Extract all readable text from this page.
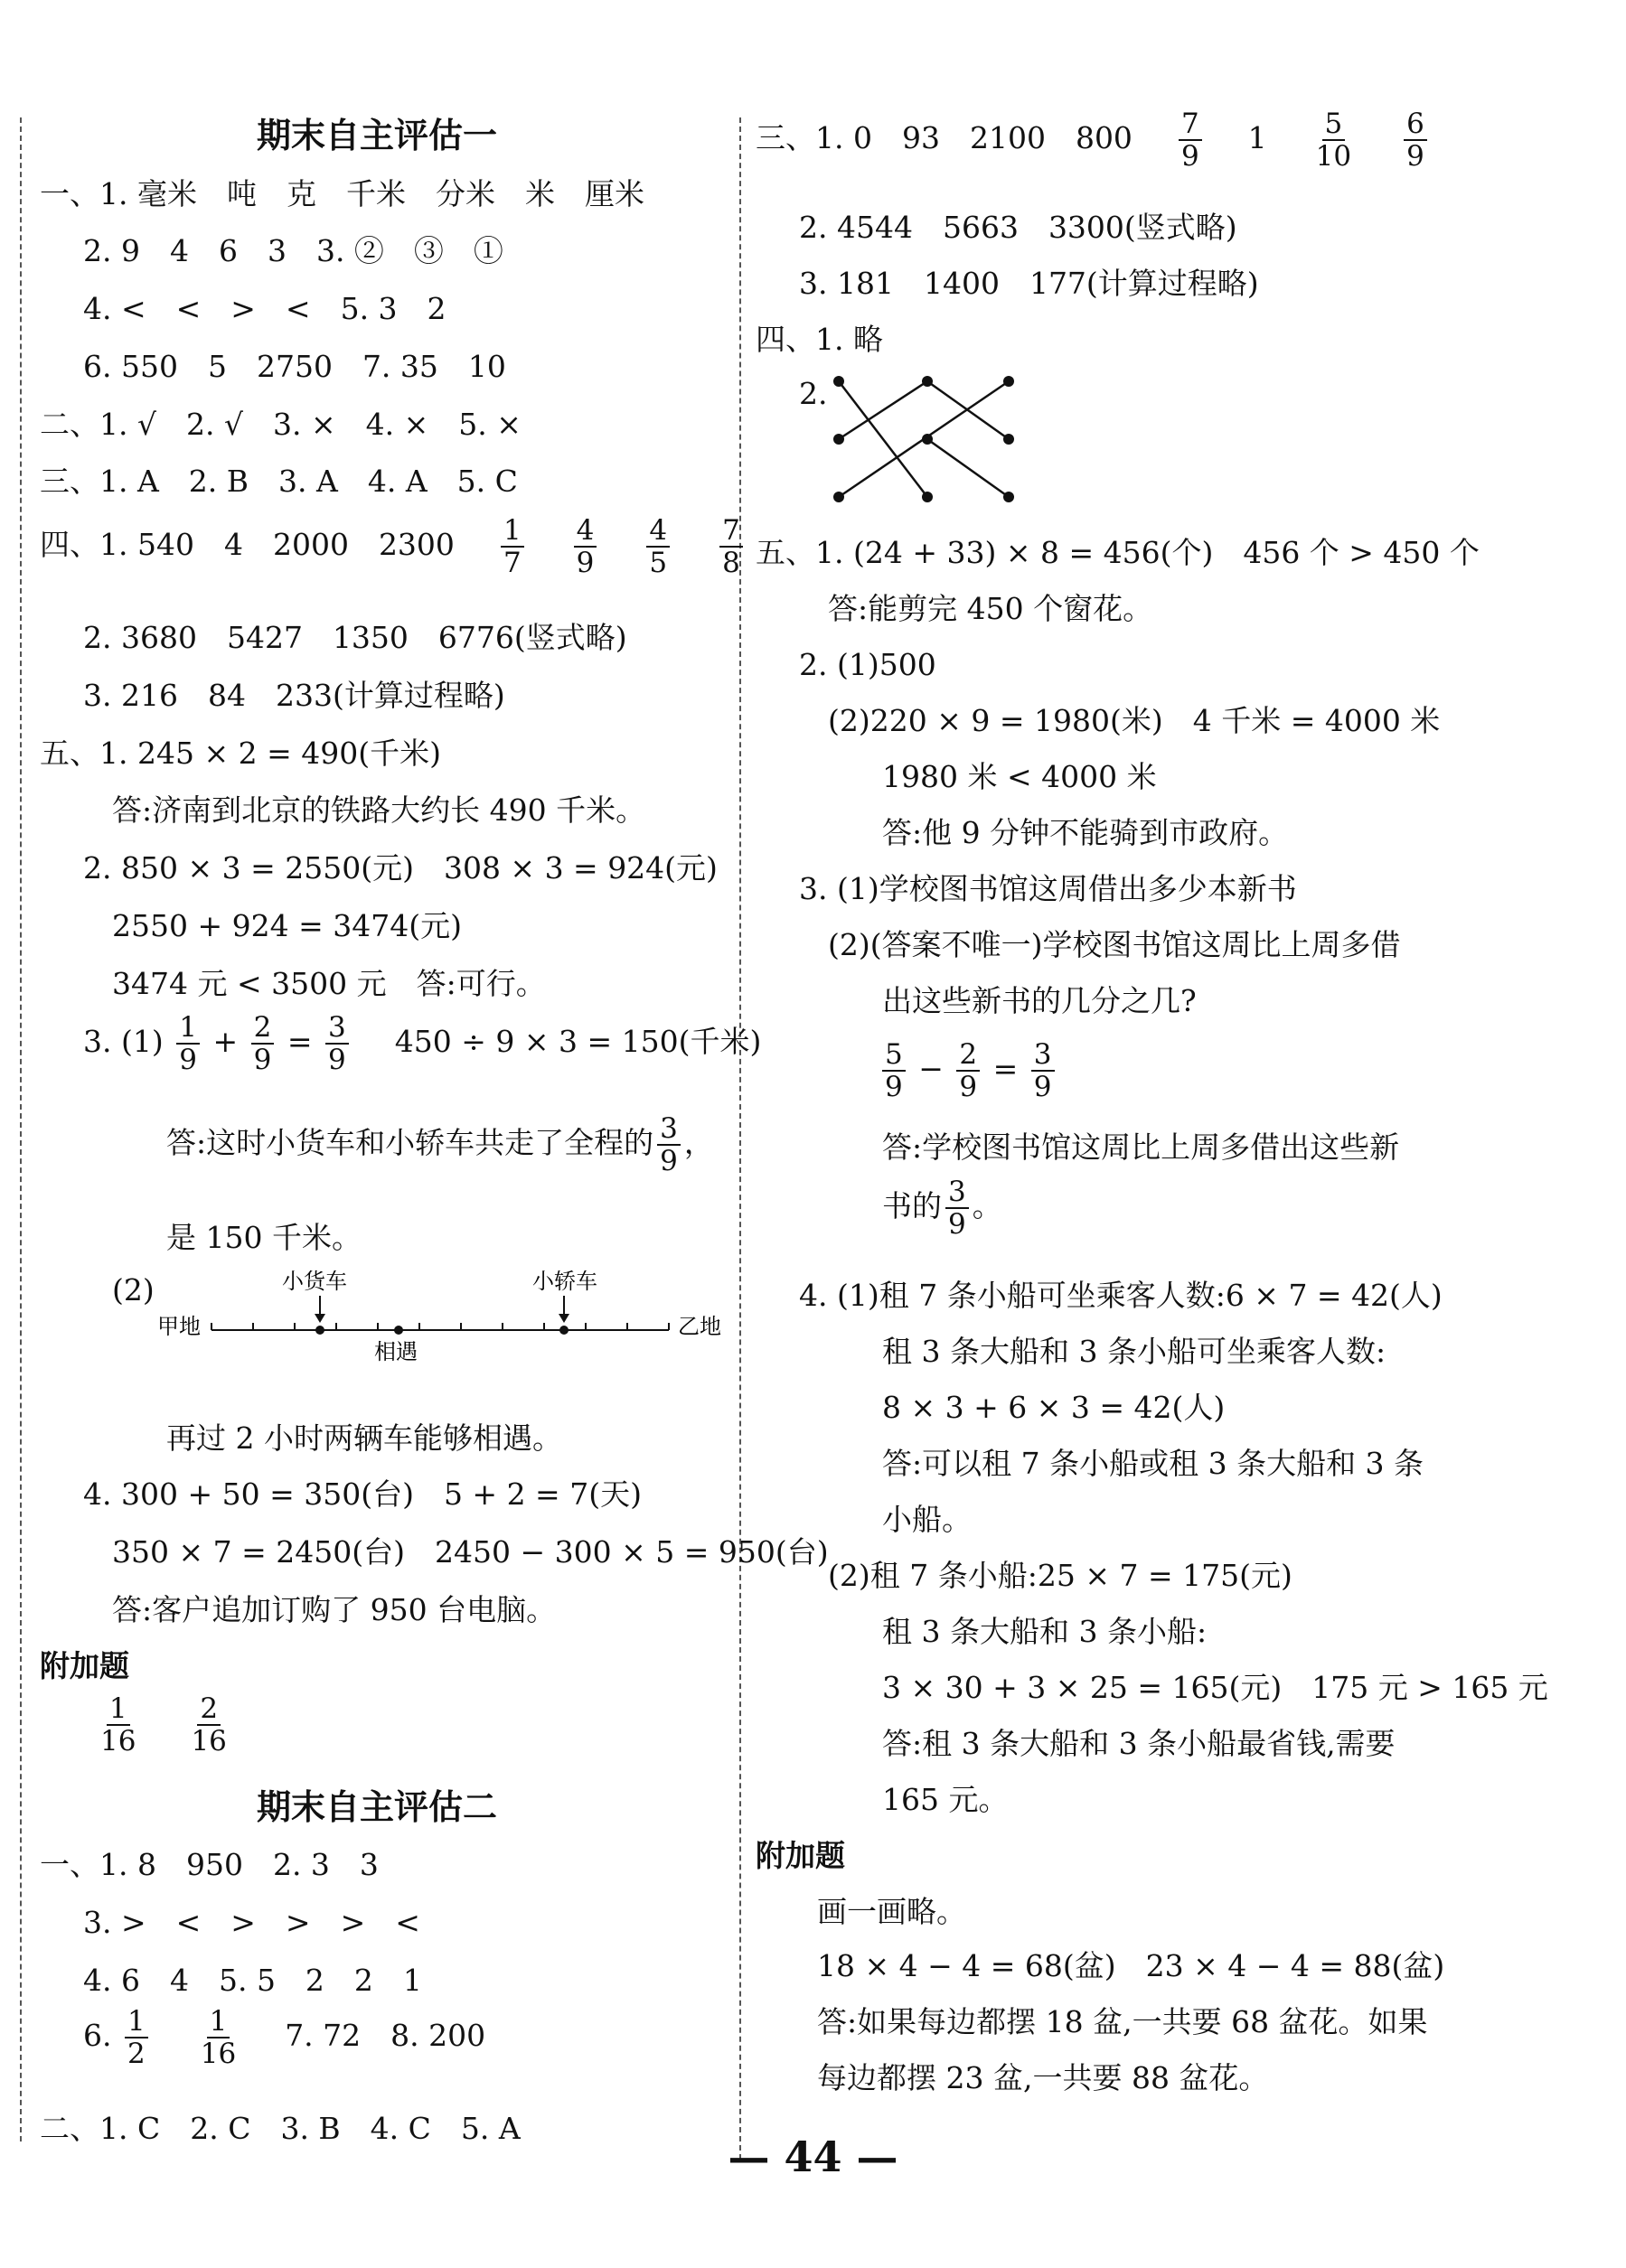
期末自主评估一
一、1. 毫米　吨　克　千米　分米　米　厘米
2. 9　4　6　3　3. ②　③　①
4. <　<　>　<　5. 3　2
6. 550　5　2750　7. 35　10
二、1. √　2. √　3. ×　4. ×　5. ×
三、1. A　2. B　3. A　4. A　5. C
四、1. 540　4　2000　$2300 \frac{1}{7}$
$\frac{4}{9}$
$\frac{4}{5}$
$\frac{7}{8}$
2. 3680　5427　1350　6776(竖式略)
3. 216　84　233(计算过程略)
五、1. 245 × 2 = 490(千米)
答:济南到北京的铁路大约长 490 千米。
2. 850 × 3 = 2550(元)　308 × 3 = 924(元)
2550 + 924 = 3474(元)
3474 元 < 3500 元　答:可行。
3. $(1) \frac{1}{9} + \frac{2}{9} = \frac{3}{9} 450 \div 9 \times 3 = 150$(千米)
答:这时小货车和小轿车共走了全程的 $\frac{3}{9}$ ，
是 150 千米。
(2)	小货车	小轿车
甲地	乙地
相遇
再过 2 小时两辆车能够相遇。
4. 300 + 50 = 350(台)　5 + 2 = 7(天)
350 × 7 = 2450(台)　2450 − 300 × 5 = 950(台)
答:客户追加订购了 950 台电脑。
附加题
$\frac{1}{16}$
$\frac{2}{16}$
期末自主评估二
一、1. 8　950　2. 3　3
3. >　<　>　>　>　<
4. 6　4　5. 5　2　2　1
6. $\frac{1}{2}$
$\frac{1}{16} 7$. 72　8. 200
二、1. C　2. C　3. B　4. C　5. A
三、1. 0　93　2100　$800 \frac{7}{9} 1 \frac{5}{10}$
$\frac{6}{9}$
2. 4544　5663　3300(竖式略)
3. 181　1400　177(计算过程略)
四、1. 略
2.
五、1. (24 + 33) × 8 = 456(个)　456 个 > 450 个
答:能剪完 450 个窗花。
2. (1)500
(2)220 × 9 = 1980(米)　4 千米 = 4000 米
1980 米 < 4000 米
答:他 9 分钟不能骑到市政府。
3. (1)学校图书馆这周借出多少本新书
(2)(答案不唯一)学校图书馆这周比上周多借
出这些新书的几分之几?
$\frac{5}{9} - \frac{2}{9} = \frac{3}{9}$
答:学校图书馆这周比上周多借出这些新
书的 $\frac{3}{9}$ 。
4. (1)租 7 条小船可坐乘客人数:6 × 7 = 42(人)
租 3 条大船和 3 条小船可坐乘客人数:
8 × 3 + 6 × 3 = 42(人)
答:可以租 7 条小船或租 3 条大船和 3 条
小船。
(2)租 7 条小船:25 × 7 = 175(元)
租 3 条大船和 3 条小船:
3 × 30 + 3 × 25 = 165(元)　175 元 > 165 元
答:租 3 条大船和 3 条小船最省钱,需要
165 元。
附加题
画一画略。
18 × 4 − 4 = 68(盆)　23 × 4 − 4 = 88(盆)
答:如果每边都摆 18 盆,一共要 68 盆花。如果
每边都摆 23 盆,一共要 88 盆花。
— 44 —
